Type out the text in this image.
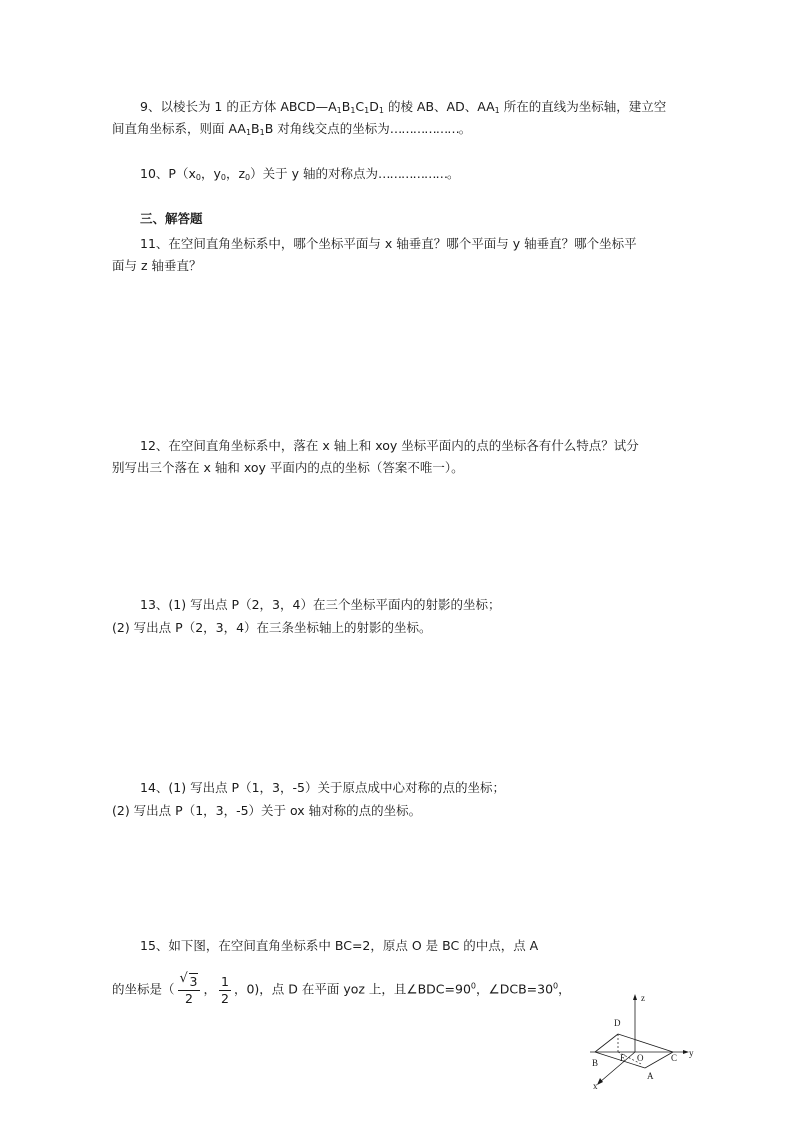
9、以棱长为 1 的正方体 $ABCD—A_1B_1C_1D_1$ 的棱 AB、AD、$AA_1$ 所在的直线为坐标轴，建立空
间直角坐标系，则面 $AA_1B_1B$ 对角线交点的坐标为………………。
10、$P(x_0$，$y_0$，$z_0$）关于 y 轴的对称点为………………。
三、解答题
11、在空间直角坐标系中，哪个坐标平面与 x 轴垂直？哪个平面与 y 轴垂直？哪个坐标平
面与 z 轴垂直？
12、在空间直角坐标系中，落在 x 轴上和 xoy 坐标平面内的点的坐标各有什么特点？试分
别写出三个落在 x 轴和 xoy 平面内的点的坐标（答案不唯一）。
13、(1) 写出点 P（2，3，4）在三个坐标平面内的射影的坐标；
(2) 写出点 P（2，3，4）在三条坐标轴上的射影的坐标。
14、(1) 写出点 P（1，3，-5）关于原点成中心对称的点的坐标；
(2) 写出点 P（1，3，-5）关于 ox 轴对称的点的坐标。
15、如下图，在空间直角坐标系中 BC=2，原点 O 是 BC 的中点，点 A
的坐标是（ $\frac{√ 3}{2}$ ， $\frac{1}{2}$ ，0)，点 D 在平面 yoz 上，且$\angle BDC=90^0$，$\angle DCB=30^0$，
z
y
x
D
E O
B	C
A
